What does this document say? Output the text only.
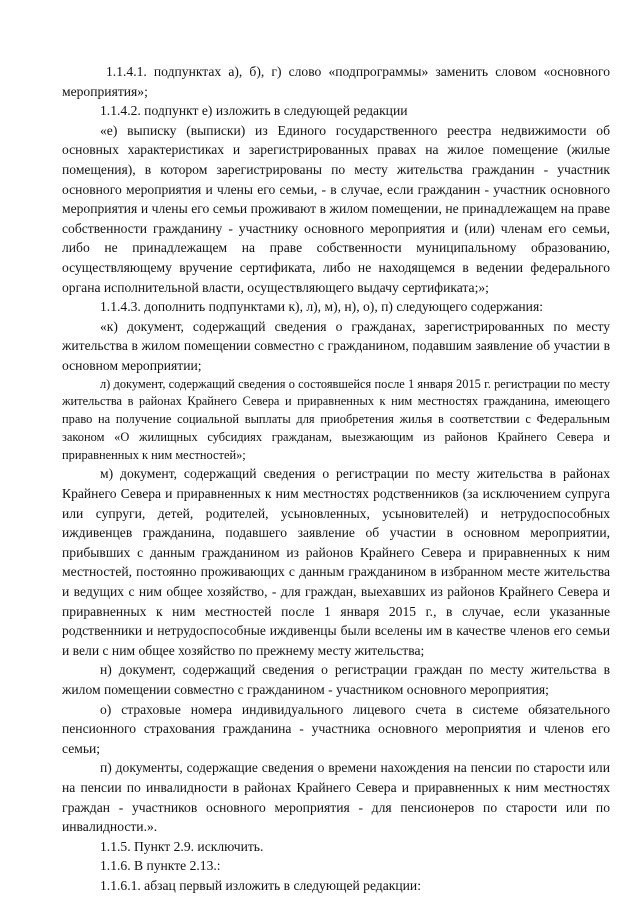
1.1.4.1. подпунктах а), б), г) слово «подпрограммы» заменить словом «основного мероприятия»;

1.1.4.2. подпункт е) изложить в следующей редакции

«е) выписку (выписки) из Единого государственного реестра недвижимости об основных характеристиках и зарегистрированных правах на жилое помещение (жилые помещения), в котором зарегистрированы по месту жительства гражданин - участник основного мероприятия и члены его семьи, - в случае, если гражданин - участник основного мероприятия и члены его семьи проживают в жилом помещении, не принадлежащем на праве собственности гражданину - участнику основного мероприятия и (или) членам его семьи, либо не принадлежащем на праве собственности муниципальному образованию, осуществляющему вручение сертификата, либо не находящемся в ведении федерального органа исполнительной власти, осуществляющего выдачу сертификата;»;

1.1.4.3. дополнить подпунктами к), л), м), н), о), п) следующего содержания:

«к) документ, содержащий сведения о гражданах, зарегистрированных по месту жительства в жилом помещении совместно с гражданином, подавшим заявление об участии в основном мероприятии;

л) документ, содержащий сведения о состоявшейся после 1 января 2015 г. регистрации по месту жительства в районах Крайнего Севера и приравненных к ним местностях гражданина, имеющего право на получение социальной выплаты для приобретения жилья в соответствии с Федеральным законом «О жилищных субсидиях гражданам, выезжающим из районов Крайнего Севера и приравненных к ним местностей»;

м) документ, содержащий сведения о регистрации по месту жительства в районах Крайнего Севера и приравненных к ним местностях родственников (за исключением супруга или супруги, детей, родителей, усыновленных, усыновителей) и нетрудоспособных иждивенцев гражданина, подавшего заявление об участии в основном мероприятии, прибывших с данным гражданином из районов Крайнего Севера и приравненных к ним местностей, постоянно проживающих с данным гражданином в избранном месте жительства и ведущих с ним общее хозяйство, - для граждан, выехавших из районов Крайнего Севера и приравненных к ним местностей после 1 января 2015 г., в случае, если указанные родственники и нетрудоспособные иждивенцы были вселены им в качестве членов его семьи и вели с ним общее хозяйство по прежнему месту жительства;

н) документ, содержащий сведения о регистрации граждан по месту жительства в жилом помещении совместно с гражданином - участником основного мероприятия;

о) страховые номера индивидуального лицевого счета в системе обязательного пенсионного страхования гражданина - участника основного мероприятия и членов его семьи;

п) документы, содержащие сведения о времени нахождения на пенсии по старости или на пенсии по инвалидности в районах Крайнего Севера и приравненных к ним местностях граждан - участников основного мероприятия - для пенсионеров по старости или по инвалидности.».

1.1.5. Пункт 2.9. исключить.

1.1.6. В пункте 2.13.:

1.1.6.1. абзац первый изложить в следующей редакции:
